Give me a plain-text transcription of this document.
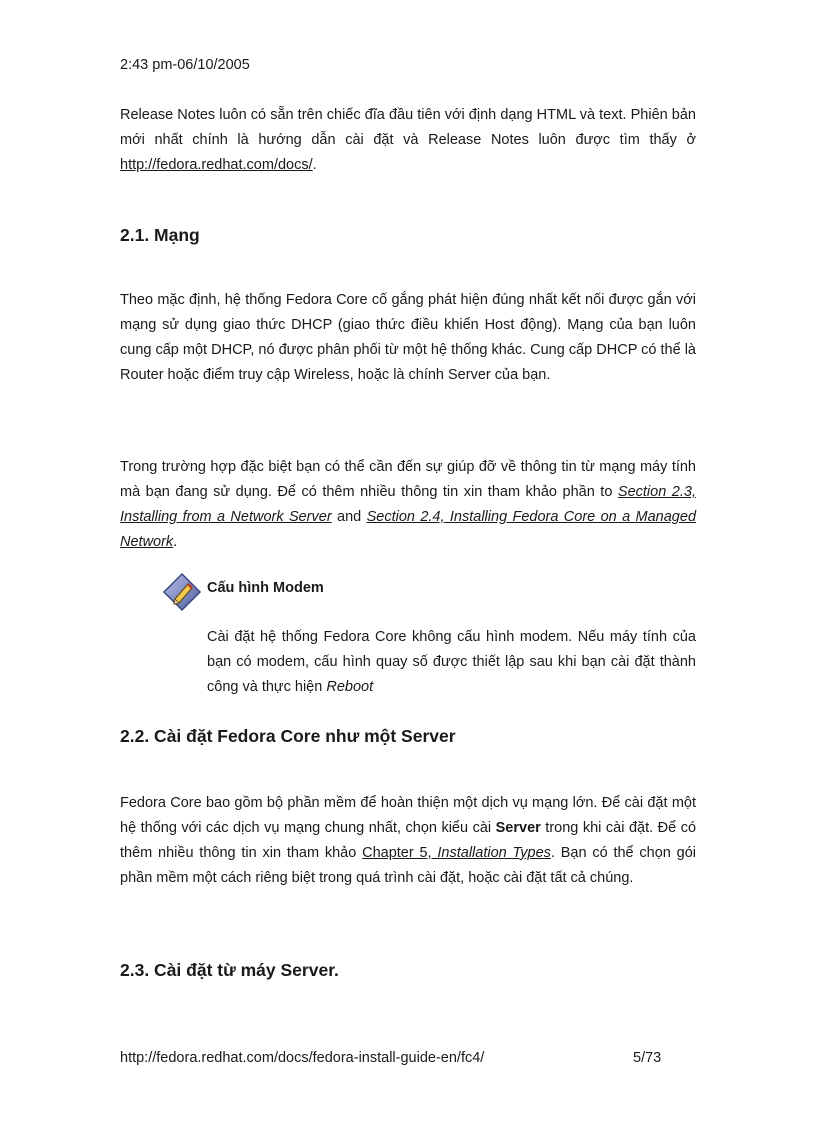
2:43 pm-06/10/2005

Release Notes luôn có sẵn trên chiếc đĩa đầu tiên với định dạng HTML và text. Phiên bản mới nhất chính là hướng dẫn cài đặt và Release Notes luôn được tìm thấy ở http://fedora.redhat.com/docs/.

2.1. Mạng

Theo mặc định, hệ thống Fedora Core cố gắng phát hiện đúng nhất kết nối được gắn với mạng sử dụng giao thức DHCP (giao thức điều khiển Host động). Mạng của bạn luôn cung cấp một DHCP, nó được phân phối từ một hệ thống khác. Cung cấp DHCP có thể là Router hoặc điểm truy cập Wireless, hoặc là chính Server của bạn.

Trong trường hợp đặc biệt bạn có thể cần đến sự giúp đỡ về thông tin từ mạng máy tính mà bạn đang sử dụng. Để có thêm nhiều thông tin xin tham khảo phần to Section 2.3, Installing from a Network Server and Section 2.4, Installing Fedora Core on a Managed Network.

Cấu hình Modem

Cài đặt hệ thống Fedora Core không cấu hình modem. Nếu máy tính của bạn có modem, cấu hình quay số được thiết lập sau khi bạn cài đặt thành công và thực hiện Reboot

2.2. Cài đặt Fedora Core như một Server

Fedora Core bao gồm bộ phần mềm để hoàn thiện một dịch vụ mạng lớn. Để cài đặt một hệ thống với các dịch vụ mạng chung nhất, chọn kiểu cài Server trong khi cài đặt. Để có thêm nhiều thông tin xin tham khảo Chapter 5, Installation Types. Bạn có thể chọn gói phần mềm một cách riêng biệt trong quá trình cài đặt, hoặc cài đặt tất cả chúng.

2.3. Cài đặt từ máy Server.
http://fedora.redhat.com/docs/fedora-install-guide-en/fc4/	5/73
